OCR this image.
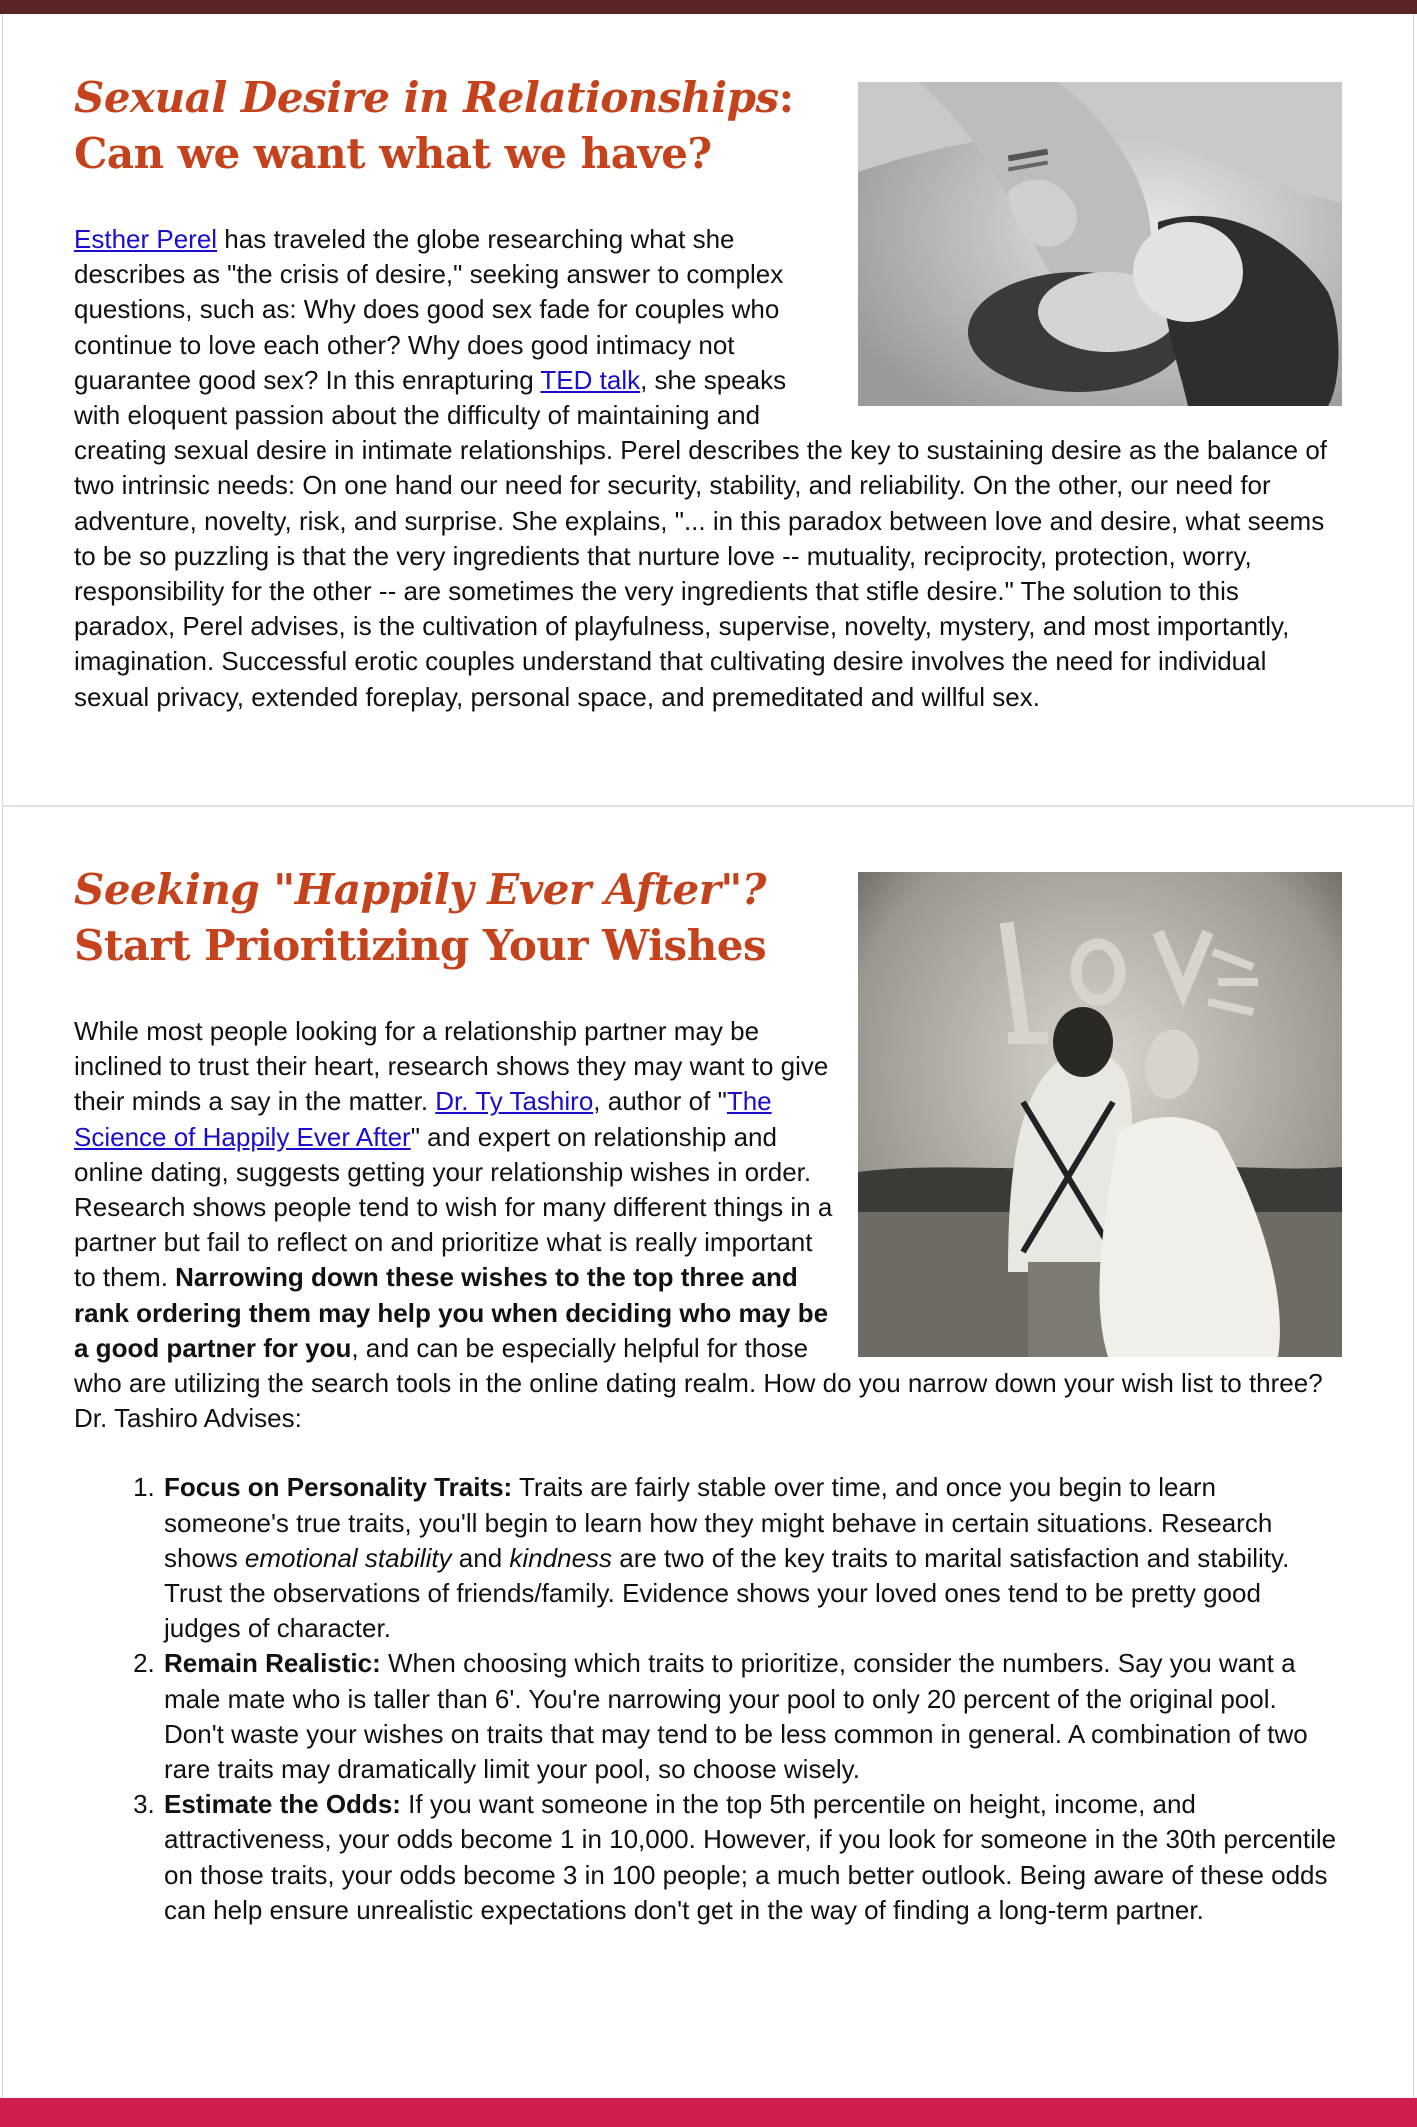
Sexual Desire in Relationships: Can we want what we have?

Esther Perel has traveled the globe researching what she describes as "the crisis of desire," seeking answer to complex questions, such as: Why does good sex fade for couples who continue to love each other? Why does good intimacy not guarantee good sex? In this enrapturing TED talk, she speaks with eloquent passion about the difficulty of maintaining and creating sexual desire in intimate relationships. Perel describes the key to sustaining desire as the balance of two intrinsic needs: On one hand our need for security, stability, and reliability. On the other, our need for adventure, novelty, risk, and surprise. She explains, "... in this paradox between love and desire, what seems to be so puzzling is that the very ingredients that nurture love -- mutuality, reciprocity, protection, worry, responsibility for the other -- are sometimes the very ingredients that stifle desire." The solution to this paradox, Perel advises, is the cultivation of playfulness, supervise, novelty, mystery, and most importantly, imagination. Successful erotic couples understand that cultivating desire involves the need for individual sexual privacy, extended foreplay, personal space, and premeditated and willful sex.

Seeking "Happily Ever After"?
Start Prioritizing Your Wishes

While most people looking for a relationship partner may be inclined to trust their heart, research shows they may want to give their minds a say in the matter. Dr. Ty Tashiro, author of "The Science of Happily Ever After" and expert on relationship and online dating, suggests getting your relationship wishes in order. Research shows people tend to wish for many different things in a partner but fail to reflect on and prioritize what is really important to them. Narrowing down these wishes to the top three and rank ordering them may help you when deciding who may be a good partner for you, and can be especially helpful for those who are utilizing the search tools in the online dating realm. How do you narrow down your wish list to three? Dr. Tashiro Advises:

1. Focus on Personality Traits: Traits are fairly stable over time, and once you begin to learn someone's true traits, you'll begin to learn how they might behave in certain situations. Research shows emotional stability and kindness are two of the key traits to marital satisfaction and stability. Trust the observations of friends/family. Evidence shows your loved ones tend to be pretty good judges of character.
2. Remain Realistic: When choosing which traits to prioritize, consider the numbers. Say you want a male mate who is taller than 6'. You're narrowing your pool to only 20 percent of the original pool. Don't waste your wishes on traits that may tend to be less common in general. A combination of two rare traits may dramatically limit your pool, so choose wisely.
3. Estimate the Odds: If you want someone in the top 5th percentile on height, income, and attractiveness, your odds become 1 in 10,000. However, if you look for someone in the 30th percentile on those traits, your odds become 3 in 100 people; a much better outlook. Being aware of these odds can help ensure unrealistic expectations don't get in the way of finding a long-term partner.
